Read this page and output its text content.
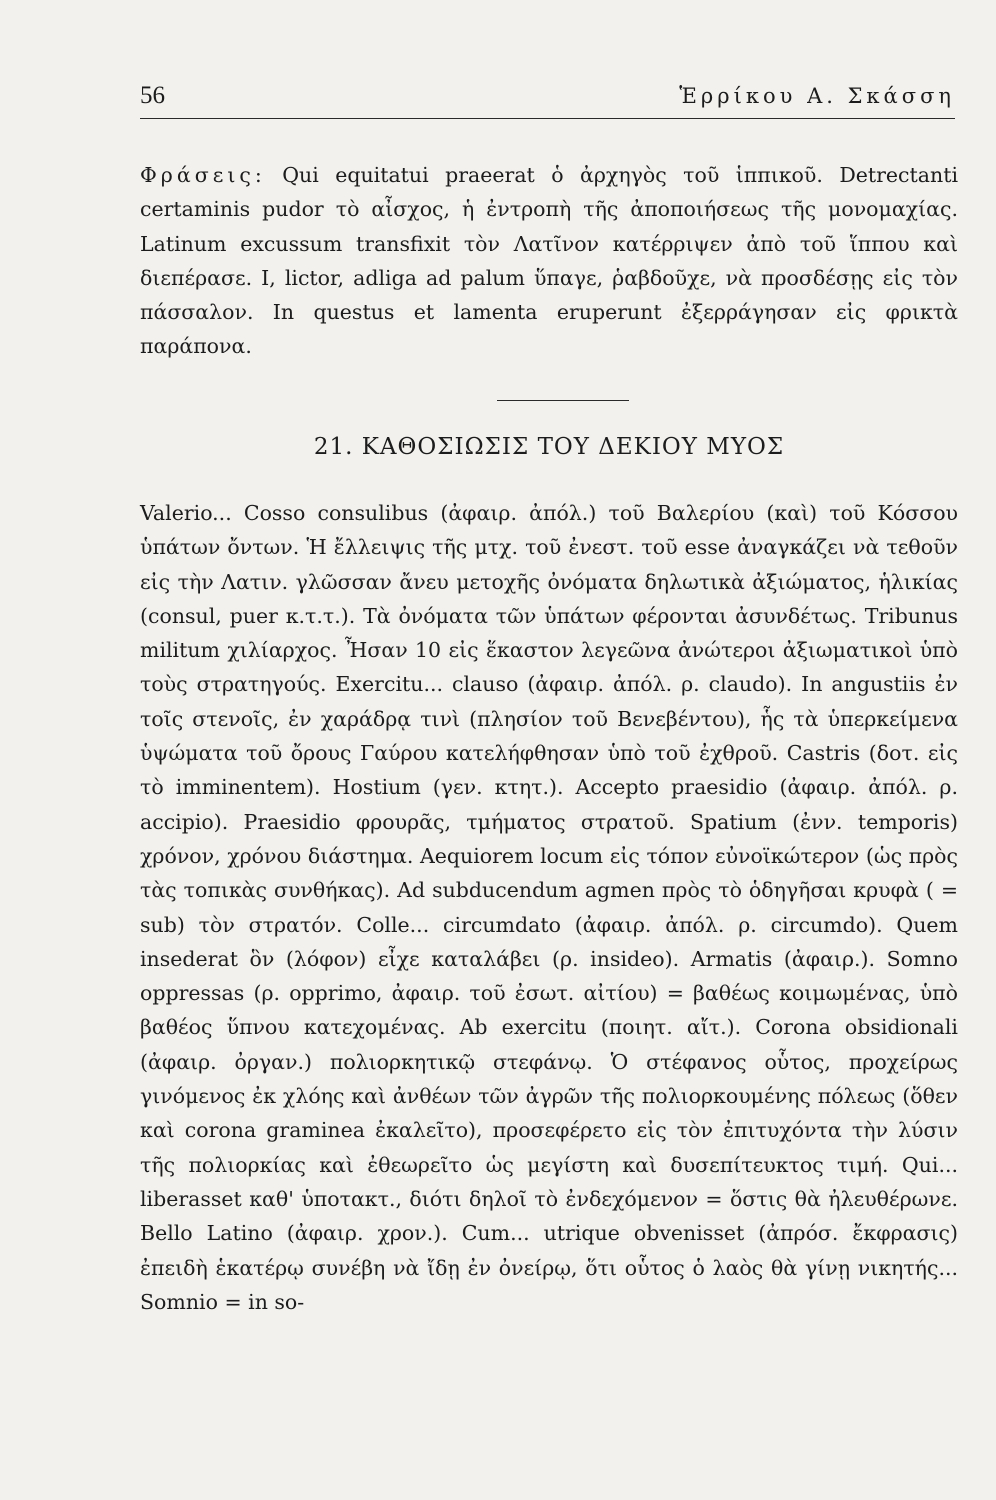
56	Ἑρρίκου Α. Σκάσση

Φράσεις: Qui equitatui praeerat ὁ ἀρχηγὸς τοῦ ἱππικοῦ. Detrectanti certaminis pudor τὸ αἶσχος, ἡ ἐντροπὴ τῆς ἀποποιήσεως τῆς μονομαχίας. Latinum excussum transfixit τὸν Λατῖνον κατέρριψεν ἀπὸ τοῦ ἵππου καὶ διεπέρασε. I, lictor, adliga ad palum ὕπαγε, ῥαβδοῦχε, νὰ προσδέσῃς εἰς τὸν πάσσαλον. In questus et lamenta eruperunt ἐξερράγησαν εἰς φρικτὰ παράπονα.

21. ΚΑΘΟΣΙΩΣΙΣ ΤΟΥ ΔΕΚΙΟΥ ΜΥΟΣ

Valerio... Cosso consulibus (ἀφαιρ. ἀπόλ.) τοῦ Βαλερίου (καὶ) τοῦ Κόσσου ὑπάτων ὄντων. Ἡ ἔλλειψις τῆς μτχ. τοῦ ἐνεστ. τοῦ esse ἀναγκάζει νὰ τεθοῦν εἰς τὴν Λατιν. γλῶσσαν ἄνευ μετοχῆς ὀνόματα δηλωτικὰ ἀξιώματος, ἡλικίας (consul, puer κ.τ.τ.). Τὰ ὀνόματα τῶν ὑπάτων φέρονται ἀσυνδέτως. Tribunus militum χιλίαρχος. Ἦσαν 10 εἰς ἕκαστον λεγεῶνα ἀνώτεροι ἀξιωματικοὶ ὑπὸ τοὺς στρατηγούς. Exercitu... clauso (ἀφαιρ. ἀπόλ. ρ. claudo). In angustiis ἐν τοῖς στενοῖς, ἐν χαράδρᾳ τινὶ (πλησίον τοῦ Βενεβέντου), ἧς τὰ ὑπερκείμενα ὑψώματα τοῦ ὄρους Γαύρου κατελήφθησαν ὑπὸ τοῦ ἐχθροῦ. Castris (δοτ. εἰς τὸ imminentem). Hostium (γεν. κτητ.). Accepto praesidio (ἀφαιρ. ἀπόλ. ρ. accipio). Praesidio φρουρᾶς, τμήματος στρατοῦ. Spatium (ἐνν. temporis) χρόνον, χρόνου διάστημα. Aequiorem locum εἰς τόπον εὐνοϊκώτερον (ὡς πρὸς τὰς τοπικὰς συνθήκας). Ad subducendum agmen πρὸς τὸ ὁδηγῆσαι κρυφὰ ( = sub) τὸν στρατόν. Colle... circumdato (ἀφαιρ. ἀπόλ. ρ. circumdo). Quem insederat ὃν (λόφον) εἶχε καταλάβει (ρ. insideo). Armatis (ἀφαιρ.). Somno oppressas (ρ. opprimo, ἀφαιρ. τοῦ ἐσωτ. αἰτίου) = βαθέως κοιμωμένας, ὑπὸ βαθέος ὕπνου κατεχομένας. Ab exercitu (ποιητ. αἴτ.). Corona obsidionali (ἀφαιρ. ὀργαν.) πολιορκητικῷ στεφάνῳ. Ὁ στέφανος οὗτος, προχείρως γινόμενος ἐκ χλόης καὶ ἀνθέων τῶν ἀγρῶν τῆς πολιορκουμένης πόλεως (ὅθεν καὶ corona graminea ἐκαλεῖτο), προσεφέρετο εἰς τὸν ἐπιτυχόντα τὴν λύσιν τῆς πολιορκίας καὶ ἐθεωρεῖτο ὡς μεγίστη καὶ δυσεπίτευκτος τιμή. Qui... liberasset καθ' ὑποτακτ., διότι δηλοῖ τὸ ἐνδεχόμενον = ὅστις θὰ ἠλευθέρωνε. Bello Latino (ἀφαιρ. χρον.). Cum... utrique obvenisset (ἀπρόσ. ἔκφρασις) ἐπειδὴ ἑκατέρῳ συνέβη νὰ ἴδῃ ἐν ὀνείρῳ, ὅτι οὗτος ὁ λαὸς θὰ γίνῃ νικητής... Somnio = in so-
